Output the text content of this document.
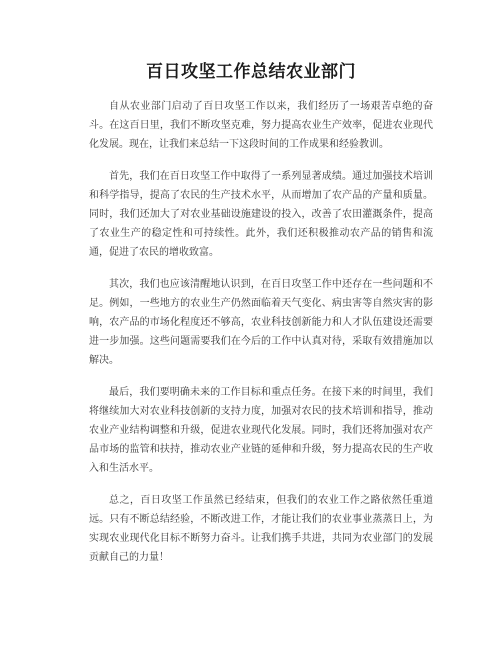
百日攻坚工作总结农业部门

自从农业部门启动了百日攻坚工作以来，我们经历了一场艰苦卓绝的奋斗。在这百日里，我们不断攻坚克难，努力提高农业生产效率，促进农业现代化发展。现在，让我们来总结一下这段时间的工作成果和经验教训。

首先，我们在百日攻坚工作中取得了一系列显著成绩。通过加强技术培训和科学指导，提高了农民的生产技术水平，从而增加了农产品的产量和质量。同时，我们还加大了对农业基础设施建设的投入，改善了农田灌溉条件，提高了农业生产的稳定性和可持续性。此外，我们还积极推动农产品的销售和流通，促进了农民的增收致富。

其次，我们也应该清醒地认识到，在百日攻坚工作中还存在一些问题和不足。例如，一些地方的农业生产仍然面临着天气变化、病虫害等自然灾害的影响，农产品的市场化程度还不够高，农业科技创新能力和人才队伍建设还需要进一步加强。这些问题需要我们在今后的工作中认真对待，采取有效措施加以解决。

最后，我们要明确未来的工作目标和重点任务。在接下来的时间里，我们将继续加大对农业科技创新的支持力度，加强对农民的技术培训和指导，推动农业产业结构调整和升级，促进农业现代化发展。同时，我们还将加强对农产品市场的监管和扶持，推动农业产业链的延伸和升级，努力提高农民的生产收入和生活水平。

总之，百日攻坚工作虽然已经结束，但我们的农业工作之路依然任重道远。只有不断总结经验，不断改进工作，才能让我们的农业事业蒸蒸日上，为实现农业现代化目标不断努力奋斗。让我们携手共进，共同为农业部门的发展贡献自己的力量！
